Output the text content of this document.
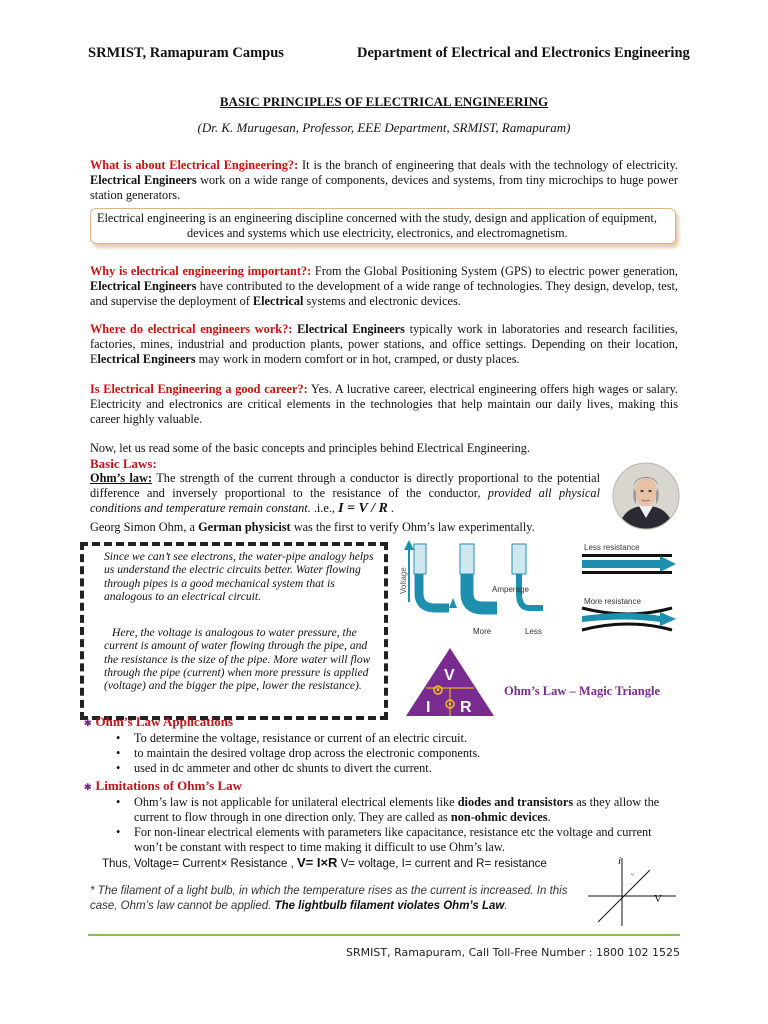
SRMIST, Ramapuram Campus	Department of Electrical and Electronics Engineering
BASIC PRINCIPLES OF ELECTRICAL ENGINEERING
(Dr. K. Murugesan, Professor, EEE Department, SRMIST, Ramapuram)
What is about Electrical Engineering?: It is the branch of engineering that deals with the technology of electricity. Electrical Engineers work on a wide range of components, devices and systems, from tiny microchips to huge power station generators.
Electrical engineering is an engineering discipline concerned with the study, design and application of equipment,
devices and systems which use electricity, electronics, and electromagnetism.
Why is electrical engineering important?: From the Global Positioning System (GPS) to electric power generation, Electrical Engineers have contributed to the development of a wide range of technologies. They design, develop, test, and supervise the deployment of Electrical systems and electronic devices.
Where do electrical engineers work?: Electrical Engineers typically work in laboratories and research facilities, factories, mines, industrial and production plants, power stations, and office settings. Depending on their location, Electrical Engineers may work in modern comfort or in hot, cramped, or dusty places.
Is Electrical Engineering a good career?: Yes. A lucrative career, electrical engineering offers high wages or salary. Electricity and electronics are critical elements in the technologies that help maintain our daily lives, making this career highly valuable.
Now, let us read some of the basic concepts and principles behind Electrical Engineering.
Basic Laws:
Ohm’s law: The strength of the current through a conductor is directly proportional to the potential difference and inversely proportional to the resistance of the conductor, provided all physical conditions and temperature remain constant. .i.e., I = V / R .
Georg Simon Ohm, a German physicist was the first to verify Ohm’s law experimentally.
Since we can’t see electrons, the water-pipe analogy helps us understand the electric circuits better. Water flowing through pipes is a good mechanical system that is analogous to an electrical circuit.
Here, the voltage is analogous to water pressure, the current is amount of water flowing through the pipe, and the resistance is the size of the pipe. More water will flow through the pipe (current) when more pressure is applied (voltage) and the bigger the pipe, lower the resistance).
Voltage	Amperage
More	Less
Less resistance
More resistance
V
I R
Ohm’s Law – Magic Triangle
✱ Ohm’s Law Applications
• To determine the voltage, resistance or current of an electric circuit.
• to maintain the desired voltage drop across the electronic components.
• used in dc ammeter and other dc shunts to divert the current.
✱ Limitations of Ohm’s Law
• Ohm’s law is not applicable for unilateral electrical elements like diodes and transistors as they allow the current to flow through in one direction only. They are called as non-ohmic devices.
• For non-linear electrical elements with parameters like capacitance, resistance etc the voltage and current won’t be constant with respect to time making it difficult to use Ohm’s law.
Thus, Voltage= Current× Resistance , V= I×R V= voltage, I= current and R= resistance
* The filament of a light bulb, in which the temperature rises as the current is increased. In this case, Ohm’s law cannot be applied. The lightbulb filament violates Ohm’s Law.
i
v
V
SRMIST, Ramapuram, Call Toll-Free Number : 1800 102 1525
